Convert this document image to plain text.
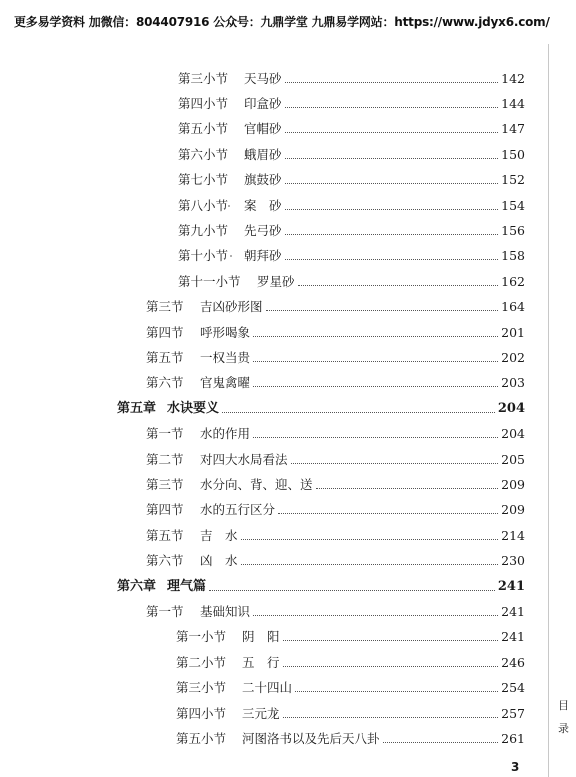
更多易学资料 加微信：804407916 公众号：九鼎学堂 九鼎易学网站：https://www.jdyx6.com/
第三小节	天马砂	142
第四小节	印盒砂	144
第五小节	官帽砂	147
第六小节	蛾眉砂	150
第七小节	旗鼓砂	152
第八小节	案　砂	154
第九小节	先弓砂	156
第十小节	朝拜砂	158
第十一小节	罗星砂	162
第三节	吉凶砂形图	164
第四节	呼形喝象	201
第五节	一权当贵	202
第六节	官鬼禽曜	203
第五章 水诀要义	204
第一节	水的作用	204
第二节	对四大水局看法	205
第三节	水分向、背、迎、送	209
第四节	水的五行区分	209
第五节	吉　水	214
第六节	凶　水	230
第六章 理气篇	241
第一节	基础知识	241
第一小节	阴　阳	241
第二小节	五　行	246
第三小节	二十四山	254
第四小节	三元龙	257
第五小节	河图洛书以及先后天八卦	261
目
录
3
